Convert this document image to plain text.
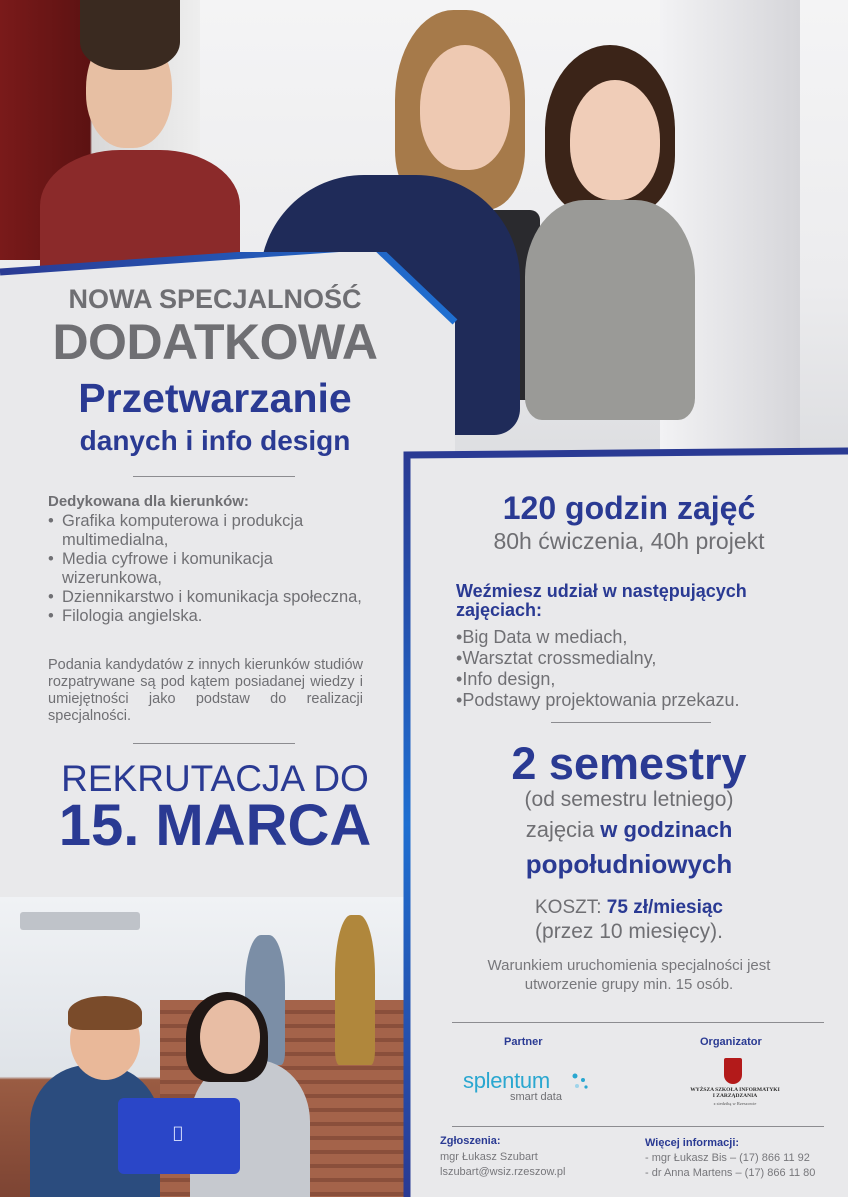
NOWA SPECJALNOŚĆ
DODATKOWA
Przetwarzanie
danych i info design
Dedykowana dla kierunków:
• Grafika komputerowa i produkcja multimedialna,
• Media cyfrowe i komunikacja wizerunkowa,
• Dziennikarstwo i komunikacja społeczna,
• Filologia angielska.
Podania kandydatów z innych kierunków studiów rozpatrywane są pod kątem posiadanej wiedzy i umiejętności jako podstaw do realizacji specjalności.
REKRUTACJA DO
15. MARCA
120 godzin zajęć
80h ćwiczenia, 40h projekt
Weźmiesz udział w następujących zajęciach:
• Big Data w mediach,
• Warsztat crossmedialny,
• Info design,
• Podstawy projektowania przekazu.
2 semestry
(od semestru letniego)
zajęcia w godzinach
popołudniowych
KOSZT: 75 zł/miesiąc
(przez 10 miesięcy).
Warunkiem uruchomienia specjalności jest utworzenie grupy min. 15 osób.
Partner	Organizator
splentum
smart data
WYŻSZA SZKOŁA INFORMATYKI I ZARZĄDZANIA
z siedzibą w Rzeszowie
Zgłoszenia:
mgr Łukasz Szubart
lszubart@wsiz.rzeszow.pl
Więcej informacji:
- mgr Łukasz Bis – (17) 866 11 92
- dr Anna Martens – (17) 866 11 80
